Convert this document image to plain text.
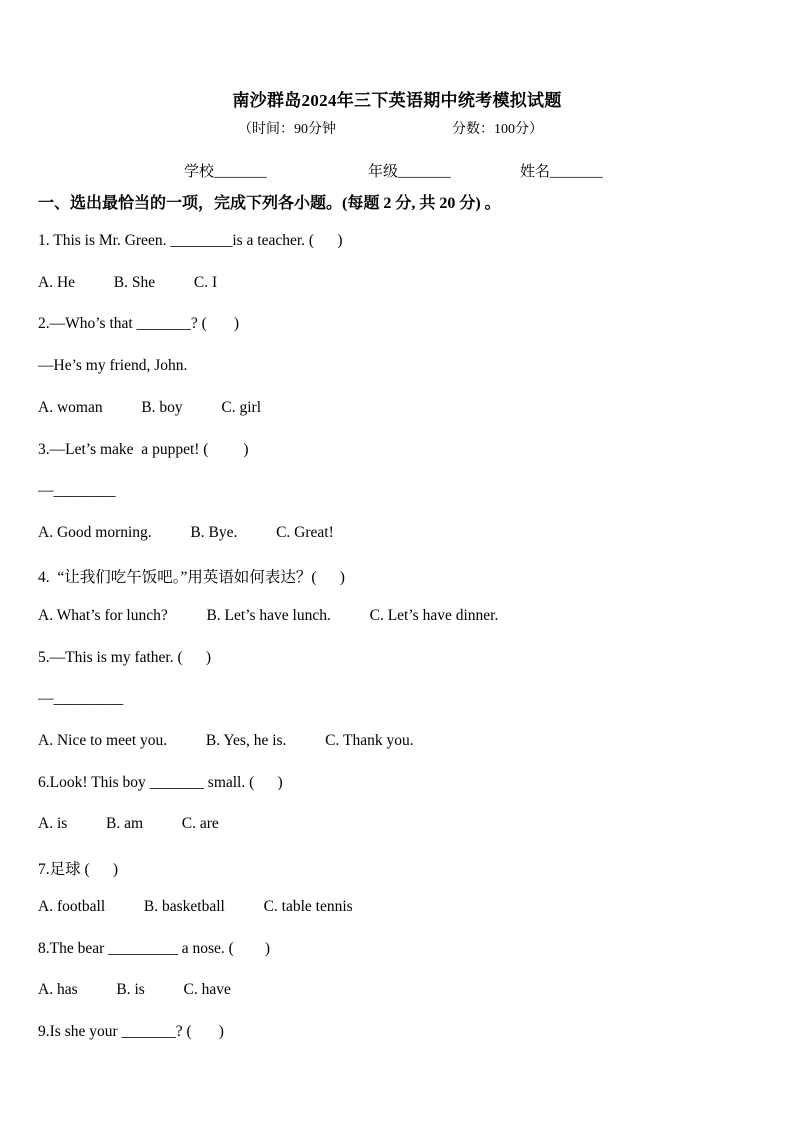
南沙群岛2024年三下英语期中统考模拟试题
（时间：90分钟	分数：100分）
学校_______	年级_______	姓名_______
一、选出最恰当的一项，完成下列各小题。(每题 2 分, 共 20 分) 。
1. This is Mr. Green. ________is a teacher. (      )
A. He          B. She          C. I
2.—Who’s that _______? (       )
—He’s my friend, John.
A. woman          B. boy          C. girl
3.—Let’s make  a puppet! (         )
—________
A. Good morning.          B. Bye.          C. Great!
4.  “让我们吃午饭吧。”用英语如何表达？(      )
A. What’s for lunch?          B. Let’s have lunch.          C. Let’s have dinner.
5.—This is my father. (      )
—_________
A. Nice to meet you.          B. Yes, he is.          C. Thank you.
6.Look! This boy _______ small. (      )
A. is          B. am          C. are
7.足球 (      )
A. football          B. basketball          C. table tennis
8.The bear _________ a nose. (        )
A. has          B. is          C. have
9.Is she your _______? (       )
